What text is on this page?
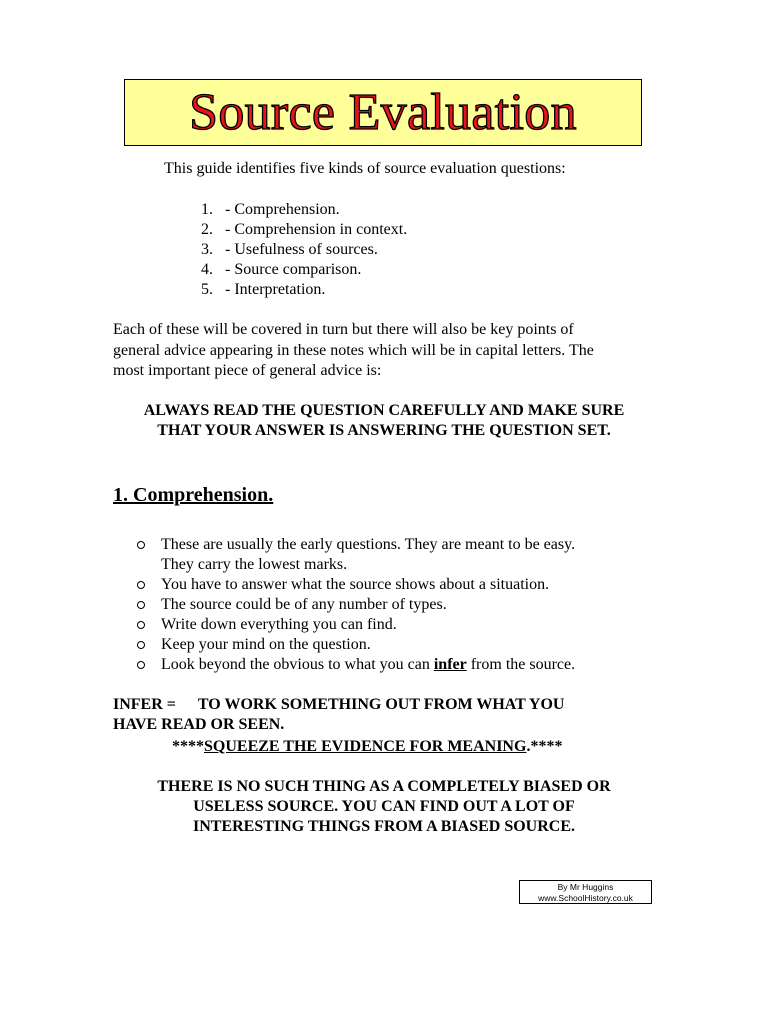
Source Evaluation
This guide identifies five kinds of source evaluation questions:
1. - Comprehension.
2. - Comprehension in context.
3. - Usefulness of sources.
4. - Source comparison.
5. - Interpretation.
Each of these will be covered in turn but there will also be key points of
general advice appearing in these notes which will be in capital letters. The
most important piece of general advice is:
ALWAYS READ THE QUESTION CAREFULLY AND MAKE SURE
THAT YOUR ANSWER IS ANSWERING THE QUESTION SET.
1. Comprehension.
These are usually the early questions. They are meant to be easy.
They carry the lowest marks.
You have to answer what the source shows about a situation.
The source could be of any number of types.
Write down everything you can find.
Keep your mind on the question.
Look beyond the obvious to what you can infer from the source.
INFER = TO WORK SOMETHING OUT FROM WHAT YOU
HAVE READ OR SEEN.
****SQUEEZE THE EVIDENCE FOR MEANING.****
THERE IS NO SUCH THING AS A COMPLETELY BIASED OR
USELESS SOURCE. YOU CAN FIND OUT A LOT OF
INTERESTING THINGS FROM A BIASED SOURCE.
By Mr Huggins
www.SchoolHistory.co.uk
